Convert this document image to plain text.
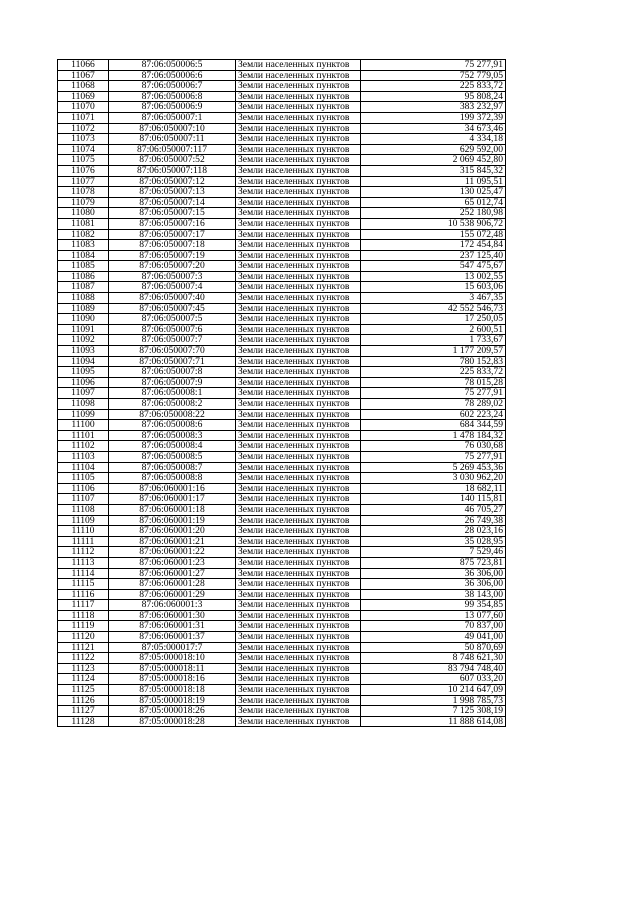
11066	87:06:050006:5	Земли населенных пунктов	75 277,91
11067	87:06:050006:6	Земли населенных пунктов	752 779,05
11068	87:06:050006:7	Земли населенных пунктов	225 833,72
11069	87:06:050006:8	Земли населенных пунктов	95 808,24
11070	87:06:050006:9	Земли населенных пунктов	383 232,97
11071	87:06:050007:1	Земли населенных пунктов	199 372,39
11072	87:06:050007:10	Земли населенных пунктов	34 673,46
11073	87:06:050007:11	Земли населенных пунктов	4 334,18
11074	87:06:050007:117	Земли населенных пунктов	629 592,00
11075	87:06:050007:52	Земли населенных пунктов	2 069 452,80
11076	87:06:050007:118	Земли населенных пунктов	315 845,32
11077	87:06:050007:12	Земли населенных пунктов	11 095,51
11078	87:06:050007:13	Земли населенных пунктов	130 025,47
11079	87:06:050007:14	Земли населенных пунктов	65 012,74
11080	87:06:050007:15	Земли населенных пунктов	252 180,98
11081	87:06:050007:16	Земли населенных пунктов	10 538 906,72
11082	87:06:050007:17	Земли населенных пунктов	155 072,48
11083	87:06:050007:18	Земли населенных пунктов	172 454,84
11084	87:06:050007:19	Земли населенных пунктов	237 125,40
11085	87:06:050007:20	Земли населенных пунктов	547 475,67
11086	87:06:050007:3	Земли населенных пунктов	13 002,55
11087	87:06:050007:4	Земли населенных пунктов	15 603,06
11088	87:06:050007:40	Земли населенных пунктов	3 467,35
11089	87:06:050007:45	Земли населенных пунктов	42 552 546,73
11090	87:06:050007:5	Земли населенных пунктов	17 250,05
11091	87:06:050007:6	Земли населенных пунктов	2 600,51
11092	87:06:050007:7	Земли населенных пунктов	1 733,67
11093	87:06:050007:70	Земли населенных пунктов	1 177 209,57
11094	87:06:050007:71	Земли населенных пунктов	780 152,83
11095	87:06:050007:8	Земли населенных пунктов	225 833,72
11096	87:06:050007:9	Земли населенных пунктов	78 015,28
11097	87:06:050008:1	Земли населенных пунктов	75 277,91
11098	87:06:050008:2	Земли населенных пунктов	78 289,02
11099	87:06:050008:22	Земли населенных пунктов	602 223,24
11100	87:06:050008:6	Земли населенных пунктов	684 344,59
11101	87:06:050008:3	Земли населенных пунктов	1 478 184,32
11102	87:06:050008:4	Земли населенных пунктов	76 030,68
11103	87:06:050008:5	Земли населенных пунктов	75 277,91
11104	87:06:050008:7	Земли населенных пунктов	5 269 453,36
11105	87:06:050008:8	Земли населенных пунктов	3 030 962,20
11106	87:06:060001:16	Земли населенных пунктов	18 682,11
11107	87:06:060001:17	Земли населенных пунктов	140 115,81
11108	87:06:060001:18	Земли населенных пунктов	46 705,27
11109	87:06:060001:19	Земли населенных пунктов	26 749,38
11110	87:06:060001:20	Земли населенных пунктов	28 023,16
11111	87:06:060001:21	Земли населенных пунктов	35 028,95
11112	87:06:060001:22	Земли населенных пунктов	7 529,46
11113	87:06:060001:23	Земли населенных пунктов	875 723,81
11114	87:06:060001:27	Земли населенных пунктов	36 306,00
11115	87:06:060001:28	Земли населенных пунктов	36 306,00
11116	87:06:060001:29	Земли населенных пунктов	38 143,00
11117	87:06:060001:3	Земли населенных пунктов	99 354,85
11118	87:06:060001:30	Земли населенных пунктов	13 077,60
11119	87:06:060001:31	Земли населенных пунктов	70 837,00
11120	87:06:060001:37	Земли населенных пунктов	49 041,00
11121	87:05:000017:7	Земли населенных пунктов	50 870,69
11122	87:05:000018:10	Земли населенных пунктов	8 748 621,30
11123	87:05:000018:11	Земли населенных пунктов	83 794 748,40
11124	87:05:000018:16	Земли населенных пунктов	607 033,20
11125	87:05:000018:18	Земли населенных пунктов	10 214 647,09
11126	87:05:000018:19	Земли населенных пунктов	1 998 785,73
11127	87:05:000018:26	Земли населенных пунктов	7 125 308,19
11128	87:05:000018:28	Земли населенных пунктов	11 888 614,08
